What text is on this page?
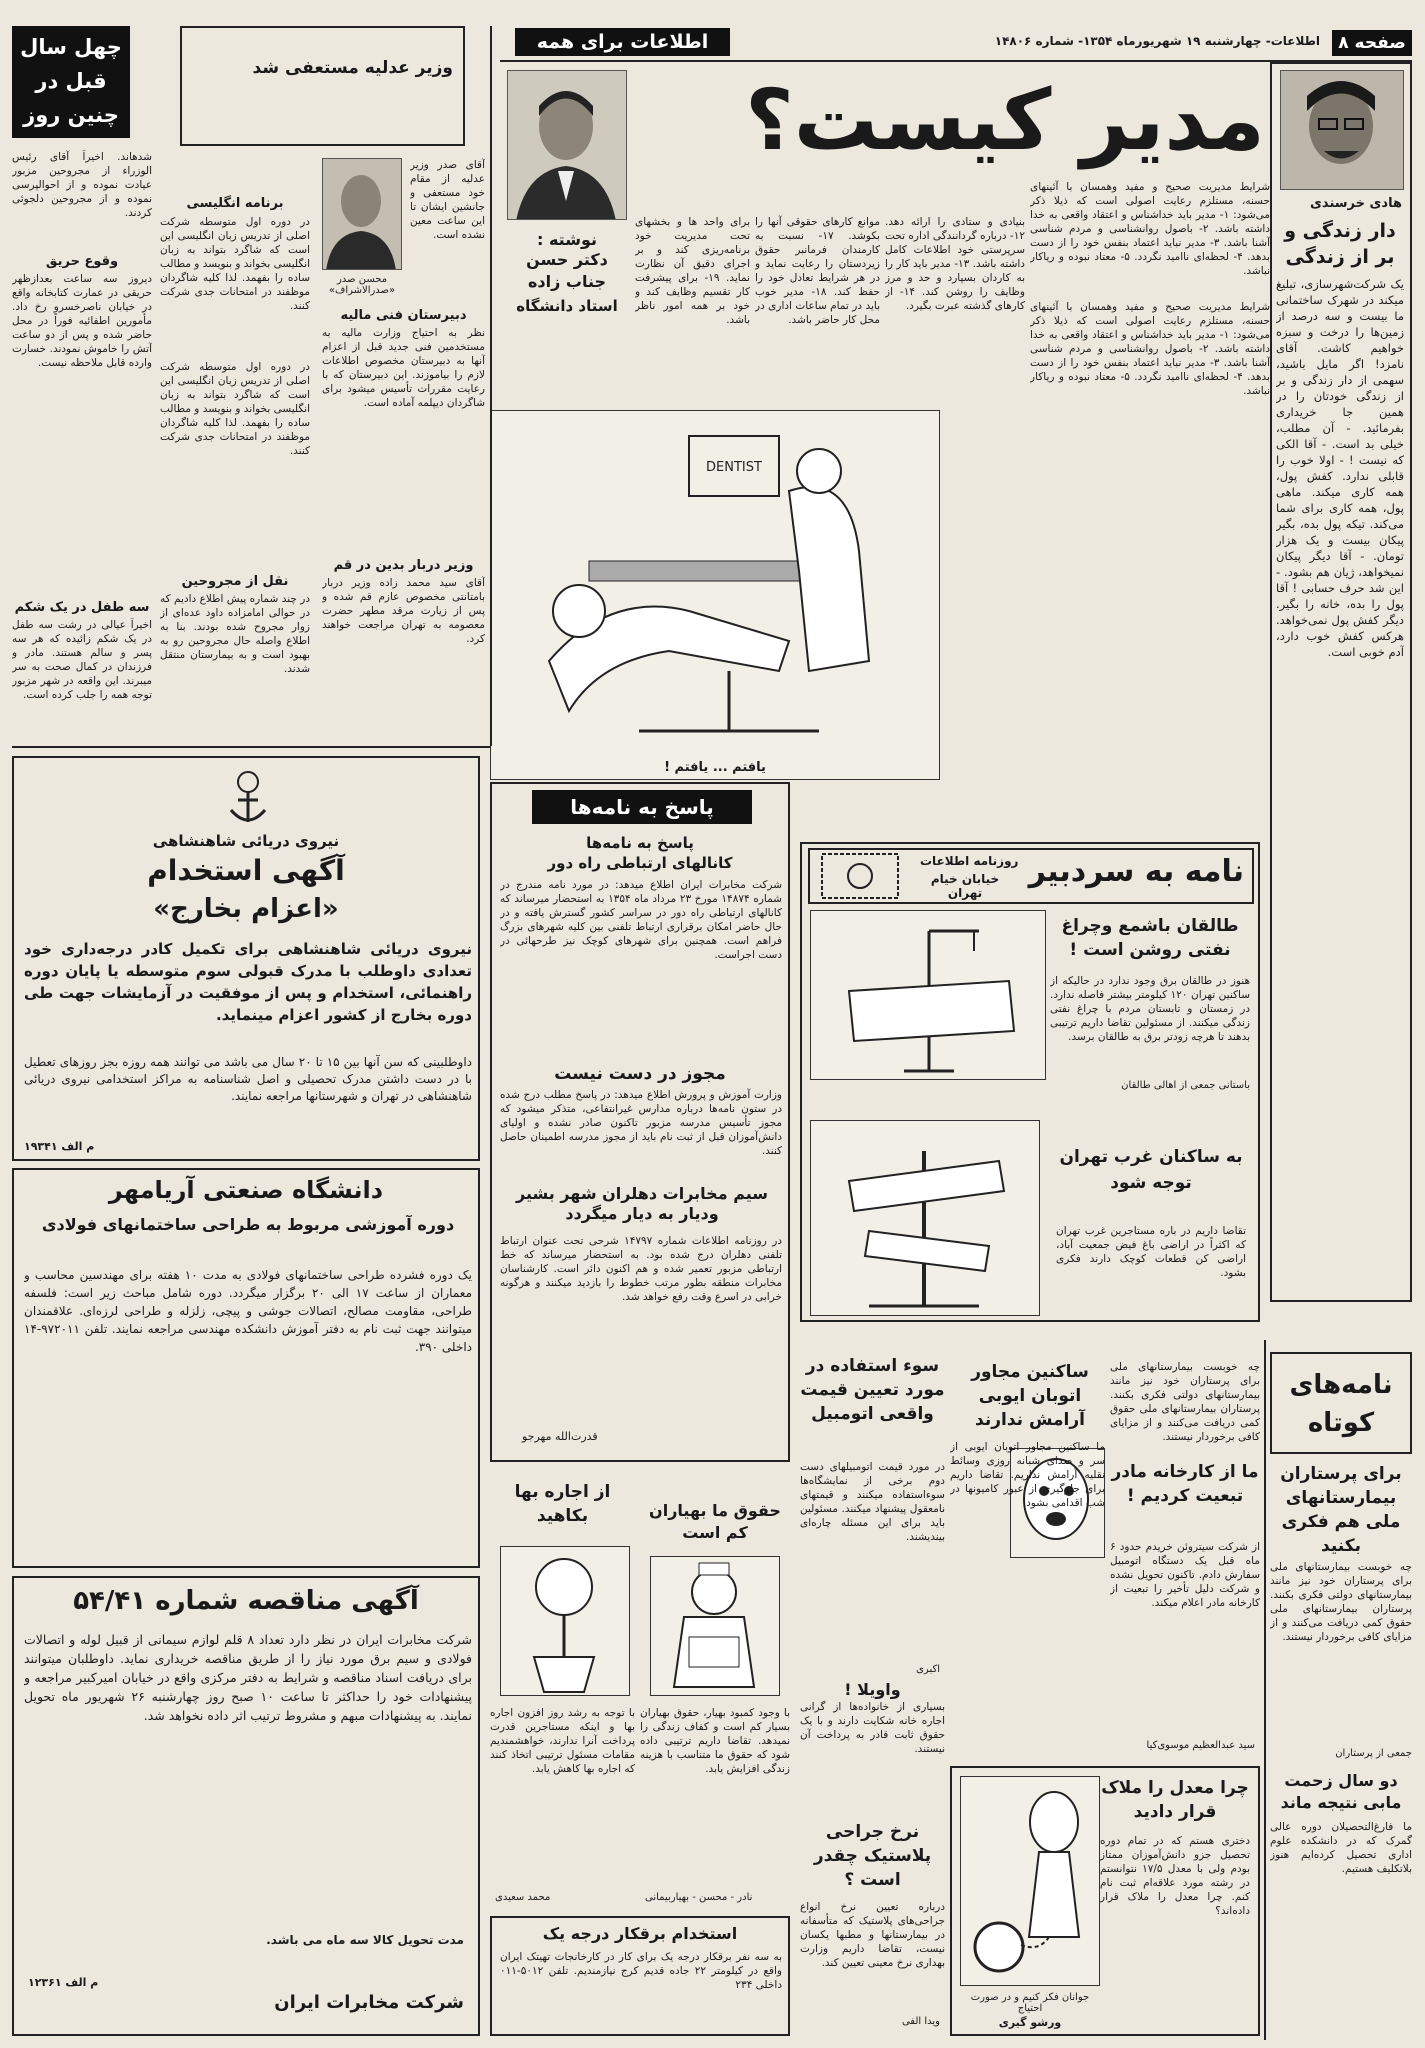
صفحه ۸
اطلاعات- چهارشنبه ۱۹ شهریورماه ۱۳۵۴- شماره ۱۴۸۰۶
اطلاعات برای همه
مدیر کیست؟
نوشته :
دکتر حسن جناب زاده
استاد دانشگاه
شرایط مدیریت صحیح و مفید وهمسان با آئینهای حسنه، مستلزم رعایت اصولی است که ذیلا ذکر می‌شود: ۱- مدیر باید خداشناس و اعتقاد واقعی به خدا داشته باشد. ۲- باصول روانشناسی و مردم شناسی آشنا باشد. ۳- مدیر نباید اعتماد بنفس خود را از دست بدهد. ۴- لحظه‌ای ناامید نگردد. ۵- معتاد نبوده و ریاکار نباشد.
بنیادی و ستادی را ارائه دهد. ۱۲- درباره گردانندگی اداره تحت سرپرستی خود اطلاعات کامل داشته باشد. ۱۳- مدیر باید کار را به کاردان بسپارد و حد و مرز وظایف را روشن کند. ۱۴- از کارهای گذشته عبرت بگیرد.
موانع کارهای حقوقی آنها را بکوشد. ۱۷- نسبت به کارمندان فرمانبر حقوق زیردستان را رعایت نماید و در هر شرایط تعادل خود را حفظ کند. ۱۸- مدیر خوب باید در تمام ساعات اداری در محل کار حاضر باشد.
برای واحد ها و بخشهای تحت مدیریت خود برنامه‌ریزی کند و بر اجرای دقیق آن نظارت نماید. ۱۹- برای پیشرفت کار تقسیم وظایف کند و خود بر همه امور ناظر باشد.
شرایط مدیریت صحیح و مفید وهمسان با آئینهای حسنه، مستلزم رعایت اصولی است که ذیلا ذکر می‌شود: ۱- مدیر باید خداشناس و اعتقاد واقعی به خدا داشته باشد. ۲- باصول روانشناسی و مردم شناسی آشنا باشد. ۳- مدیر نباید اعتماد بنفس خود را از دست بدهد. ۴- لحظه‌ای ناامید نگردد. ۵- معتاد نبوده و ریاکار نباشد.
DENTIST
یافتم ... یافتم !
هادی خرسندی
دار زندگی و بر از زندگی
یک شرکت‌شهرسازی، تبلیغ میکند در شهرک ساختمانی ما بیست و سه درصد از زمین‌ها را درخت و سبزه خواهیم کاشت. آقای نامزد! اگر مایل باشید، سهمی از دار زندگی و بر از زندگی خودتان را در همین جا خریداری بفرمائید. - آن مطلب، خیلی بد است. - آقا الکی که نیست ! - اولا خوب را قابلی ندارد. کفش پول، همه کاری میکند. ماهی پول، همه کاری برای شما می‌کند. تیکه پول بده، بگیر پیکان بیست و یک هزار تومان. - آقا دیگر پیکان نمیخواهد، ژیان هم بشود. - این شد حرف حسابی ! آقا پول را بده، خانه را بگیر. دیگر کفش پول نمی‌خواهد. هرکس کفش خوب دارد، آدم خوبی است.
چهل سال قبل در چنین روز
وزیر عدلیه مستعفی شد
آقای صدر وزیر عدلیه از مقام خود مستعفی و جانشین ایشان تا این ساعت معین نشده است.
محسن صدر «صدرالاشراف»
شدهاند. اخیراً آقای رئیس الوزراء از مجروحین مزبور عیادت نموده و از احوالپرسی نموده و از مجروحین دلجوئی کردند.
برنامه انگلیسی
در دوره اول متوسطه‌ شرکت اصلی از تدریس زبان انگلیسی این است که شاگرد بتواند به زبان انگلیسی بخواند و بنویسد و مطالب ساده را بفهمد. لذا کلیه شاگردان موظفند در امتحانات جدی شرکت کنند.
دبیرستان فنی مالیه
نظر به احتیاج وزارت مالیه به مستخدمین فنی جدید قبل از اعزام آنها به دبیرستان مخصوص اطلاعات لازم را بیاموزند. این دبیرستان که با رعایت مقررات تأسیس میشود برای شاگردان دیپلمه آماده است.
وقوع حریق
دیروز سه ساعت بعدازظهر حریقی در عمارت کتابخانه واقع در خیابان ناصرخسرو رخ داد. مأمورین اطفائیه فوراً در محل حاضر شده و پس از دو ساعت آتش را خاموش نمودند. خسارت وارده قابل ملاحظه نیست. در دوره اول متوسطه‌ شرکت اصلی از تدریس زبان انگلیسی این است که شاگرد بتواند به زبان انگلیسی بخواند و بنویسد و مطالب ساده را بفهمد. لذا کلیه شاگردان موظفند در امتحانات جدی شرکت کنند.
وزیر دربار بدین در قم
آقای سید محمد زاده وزیر دربار بامتانتی مخصوص عازم قم شده و پس از زیارت مرقد مطهر حضرت معصومه به تهران مراجعت خواهند کرد.
نقل از مجروحین
در چند شماره پیش اطلاع دادیم که در حوالی امامزاده داود عده‌ای از زوار مجروح شده بودند. بنا به اطلاع واصله حال مجروحین رو به بهبود است و به بیمارستان منتقل شدند.
سه طفل در یک شکم
اخیراً عیالی در رشت سه طفل در یک شکم زائیده که هر سه پسر و سالم هستند. مادر و فرزندان در کمال صحت به سر میبرند. این واقعه در شهر مزبور توجه همه را جلب کرده است.
نیروی دریائی شاهنشاهی
آگهی استخدام
«اعزام بخارج»
نیروی دریائی شاهنشاهی برای تکمیل کادر درجه‌داری خود تعدادی داوطلب با مدرک قبولی سوم متوسطه یا پایان دوره راهنمائی، استخدام و پس از موفقیت در آزمایشات جهت طی دوره بخارج از کشور اعزام مینماید.
داوطلبینی که سن آنها بین ۱۵ تا ۲۰ سال می باشد می توانند همه روزه بجز روزهای تعطیل با در دست داشتن مدرک تحصیلی و اصل شناسنامه به مراکز استخدامی نیروی دریائی شاهنشاهی در تهران و شهرستانها مراجعه نمایند.
م الف ۱۹۳۴۱
دانشگاه صنعتی آریامهر
دوره آموزشی مربوط به طراحی ساختمانهای فولادی
یک دوره فشرده طراحی ساختمانهای فولادی به مدت ۱۰ هفته برای مهندسین محاسب و معماران از ساعت ۱۷ الی ۲۰ برگزار میگردد. دوره شامل مباحث زیر است: فلسفه طراحی، مقاومت مصالح، اتصالات جوشی و پیچی، زلزله و طراحی لرزه‌ای. علاقمندان میتوانند جهت ثبت نام به دفتر آموزش دانشکده مهندسی مراجعه نمایند. تلفن ۹۷۲۰۱۱-۱۴ داخلی ۳۹۰.
آگهی مناقصه شماره ۵۴/۴۱
شرکت مخابرات ایران در نظر دارد تعداد ۸ قلم لوازم سیمانی از قبیل لوله و اتصالات فولادی و سیم برق مورد نیاز را از طریق مناقصه خریداری نماید. داوطلبان میتوانند برای دریافت اسناد مناقصه و شرایط به دفتر مرکزی واقع در خیابان امیرکبیر مراجعه و پیشنهادات خود را حداکثر تا ساعت ۱۰ صبح روز چهارشنبه ۲۶ شهریور ماه تحویل نمایند. به پیشنهادات مبهم و مشروط ترتیب اثر داده نخواهد شد.
مدت تحویل کالا سه ماه می باشد.
م الف ۱۲۳۶۱
شرکت مخابرات ایران
پاسخ به نامه‌ها
پاسخ به نامه‌ها
کانالهای ارتباطی راه دور
شرکت مخابرات ایران اطلاع میدهد: در مورد نامه مندرج در شماره ۱۴۸۷۴ مورخ ۲۳ مرداد ماه ۱۳۵۴ به استحضار میرساند که کانالهای ارتباطی راه دور در سراسر کشور گسترش یافته و در حال حاضر امکان برقراری ارتباط تلفنی بین کلیه شهرهای بزرگ فراهم است. همچنین برای شهرهای کوچک نیز طرحهائی در دست اجراست.
مجوز در دست نیست
وزارت آموزش و پرورش اطلاع میدهد: در پاسخ مطلب درج شده در ستون نامه‌ها درباره مدارس غیرانتفاعی، متذکر میشود که مجوز تأسیس مدرسه مزبور تاکنون صادر نشده و اولیای دانش‌آموزان قبل از ثبت نام باید از مجوز مدرسه اطمینان حاصل کنند.
سیم مخابرات دهلران شهر بشیر ودیار به دیار میگردد
در روزنامه اطلاعات شماره ۱۴۷۹۷ شرحی تحت عنوان ارتباط تلفنی دهلران درج شده بود. به استحضار میرساند که خط ارتباطی مزبور تعمیر شده و هم اکنون دائر است. کارشناسان مخابرات منطقه بطور مرتب خطوط را بازدید میکنند و هرگونه خرابی در اسرع وقت رفع خواهد شد.
قدرت‌الله مهرجو
نامه به سردبیر
روزنامه اطلاعات
خیابان خیام تهران
طالقان باشمع وچراغ نفتی روشن است !
هنوز در طالقان برق وجود ندارد در حالیکه از ساکنین تهران ۱۲۰ کیلومتر بیشتر فاصله ندارد. در زمستان و تابستان مردم با چراغ نفتی زندگی میکنند. از مسئولین تقاضا داریم ترتیبی بدهند تا هرچه زودتر برق به طالقان برسد.
باستانی جمعی از اهالی طالقان
به ساکنان غرب تهران توجه شود
تقاضا داریم در باره مستاجرین غرب تهران که اکثراً در اراضی باغ فیض جمعیت آباد، اراضی کن قطعات کوچک دارند فکری بشود.
نامه‌های کوتاه
برای پرستاران بیمارستانهای ملی هم فکری بکنید
چه خوبست بیمارستانهای ملی برای پرستاران خود نیز مانند بیمارستانهای دولتی فکری بکنند. پرستاران بیمارستانهای ملی حقوق کمی دریافت می‌کنند و از مزایای کافی برخوردار نیستند.
جمعی از پرستاران
دو سال زحمت مابی نتیجه ماند
ما فارغ‌التحصیلان دوره عالی گمرک که در دانشکده علوم اداری تحصیل کرده‌ایم هنوز بلاتکلیف هستیم.
ما از کارخانه مادر تبعیت کردیم !
از شرکت سیتروئن خریدم حدود ۶ ماه قبل یک دستگاه اتومبیل سفارش دادم. تاکنون تحویل نشده و شرکت دلیل تأخیر را تبعیت از کارخانه مادر اعلام میکند.
سید عبدالعظیم موسوی‌کیا
ساکنین مجاور اتوبان ایوبی آرامش ندارند
ما ساکنین مجاور اتوبان ایوبی از سر و صدای شبانه روزی وسائط نقلیه آرامش نداریم. تقاضا داریم برای جلوگیری از عبور کامیونها در شب اقدامی بشود.
چه خوبست بیمارستانهای ملی برای پرستاران خود نیز مانند بیمارستانهای دولتی فکری بکنند. پرستاران بیمارستانهای ملی حقوق کمی دریافت می‌کنند و از مزایای کافی برخوردار نیستند.
سوء استفاده در مورد تعیین قیمت واقعی اتومبیل
در مورد قیمت اتومبیلهای دست دوم برخی از نمایشگاه‌ها سوءاستفاده میکنند و قیمتهای نامعقول پیشنهاد میکنند. مسئولین باید برای این مسئله چاره‌ای بیندیشند.
اکبری
واویلا !
بسیاری از خانواده‌ها از گرانی اجاره خانه شکایت دارند و با یک حقوق ثابت قادر به پرداخت آن نیستند.
نرخ جراحی پلاستیک چقدر است ؟
درباره تعیین نرخ انواع جراحی‌های پلاستیک که متأسفانه در بیمارستانها و مطبها یکسان نیست، تقاضا داریم وزارت بهداری نرخ معینی تعیین کند.
ویدا الفی
حقوق ما بهیاران کم است
با وجود کمبود بهیار، حقوق بهیاران بسیار کم است و کفاف زندگی را نمیدهد. تقاضا داریم ترتیبی داده شود که حقوق ما متناسب با هزینه زندگی افزایش یابد.
نادر - محسن - بهیاربیمانی
از اجاره بها بکاهید
با توجه به رشد روز افزون اجاره بها و اینکه مستاجرین قدرت پرداخت آنرا ندارند، خواهشمندیم مقامات مسئول ترتیبی اتخاذ کنند که اجاره بها کاهش یابد.
محمد سعیدی
استخدام برقکار درجه یک
به سه نفر برقکار درجه یک برای کار در کارخانجات تهیتک ایران واقع در کیلومتر ۲۲ جاده قدیم کرج نیازمندیم. تلفن ۵۰۱۲-۰۱۱ داخلی ۲۳۴
چرا معدل را ملاک قرار دادید
دختری هستم که در تمام دوره تحصیل جزو دانش‌آموزان ممتاز بودم ولی با معدل ۱۷/۵ نتوانستم در رشته مورد علاقه‌ام ثبت نام کنم. چرا معدل را ملاک قرار داده‌اند؟
جوانان فکر کنیم و در صورت احتیاج
ورشو گیری
